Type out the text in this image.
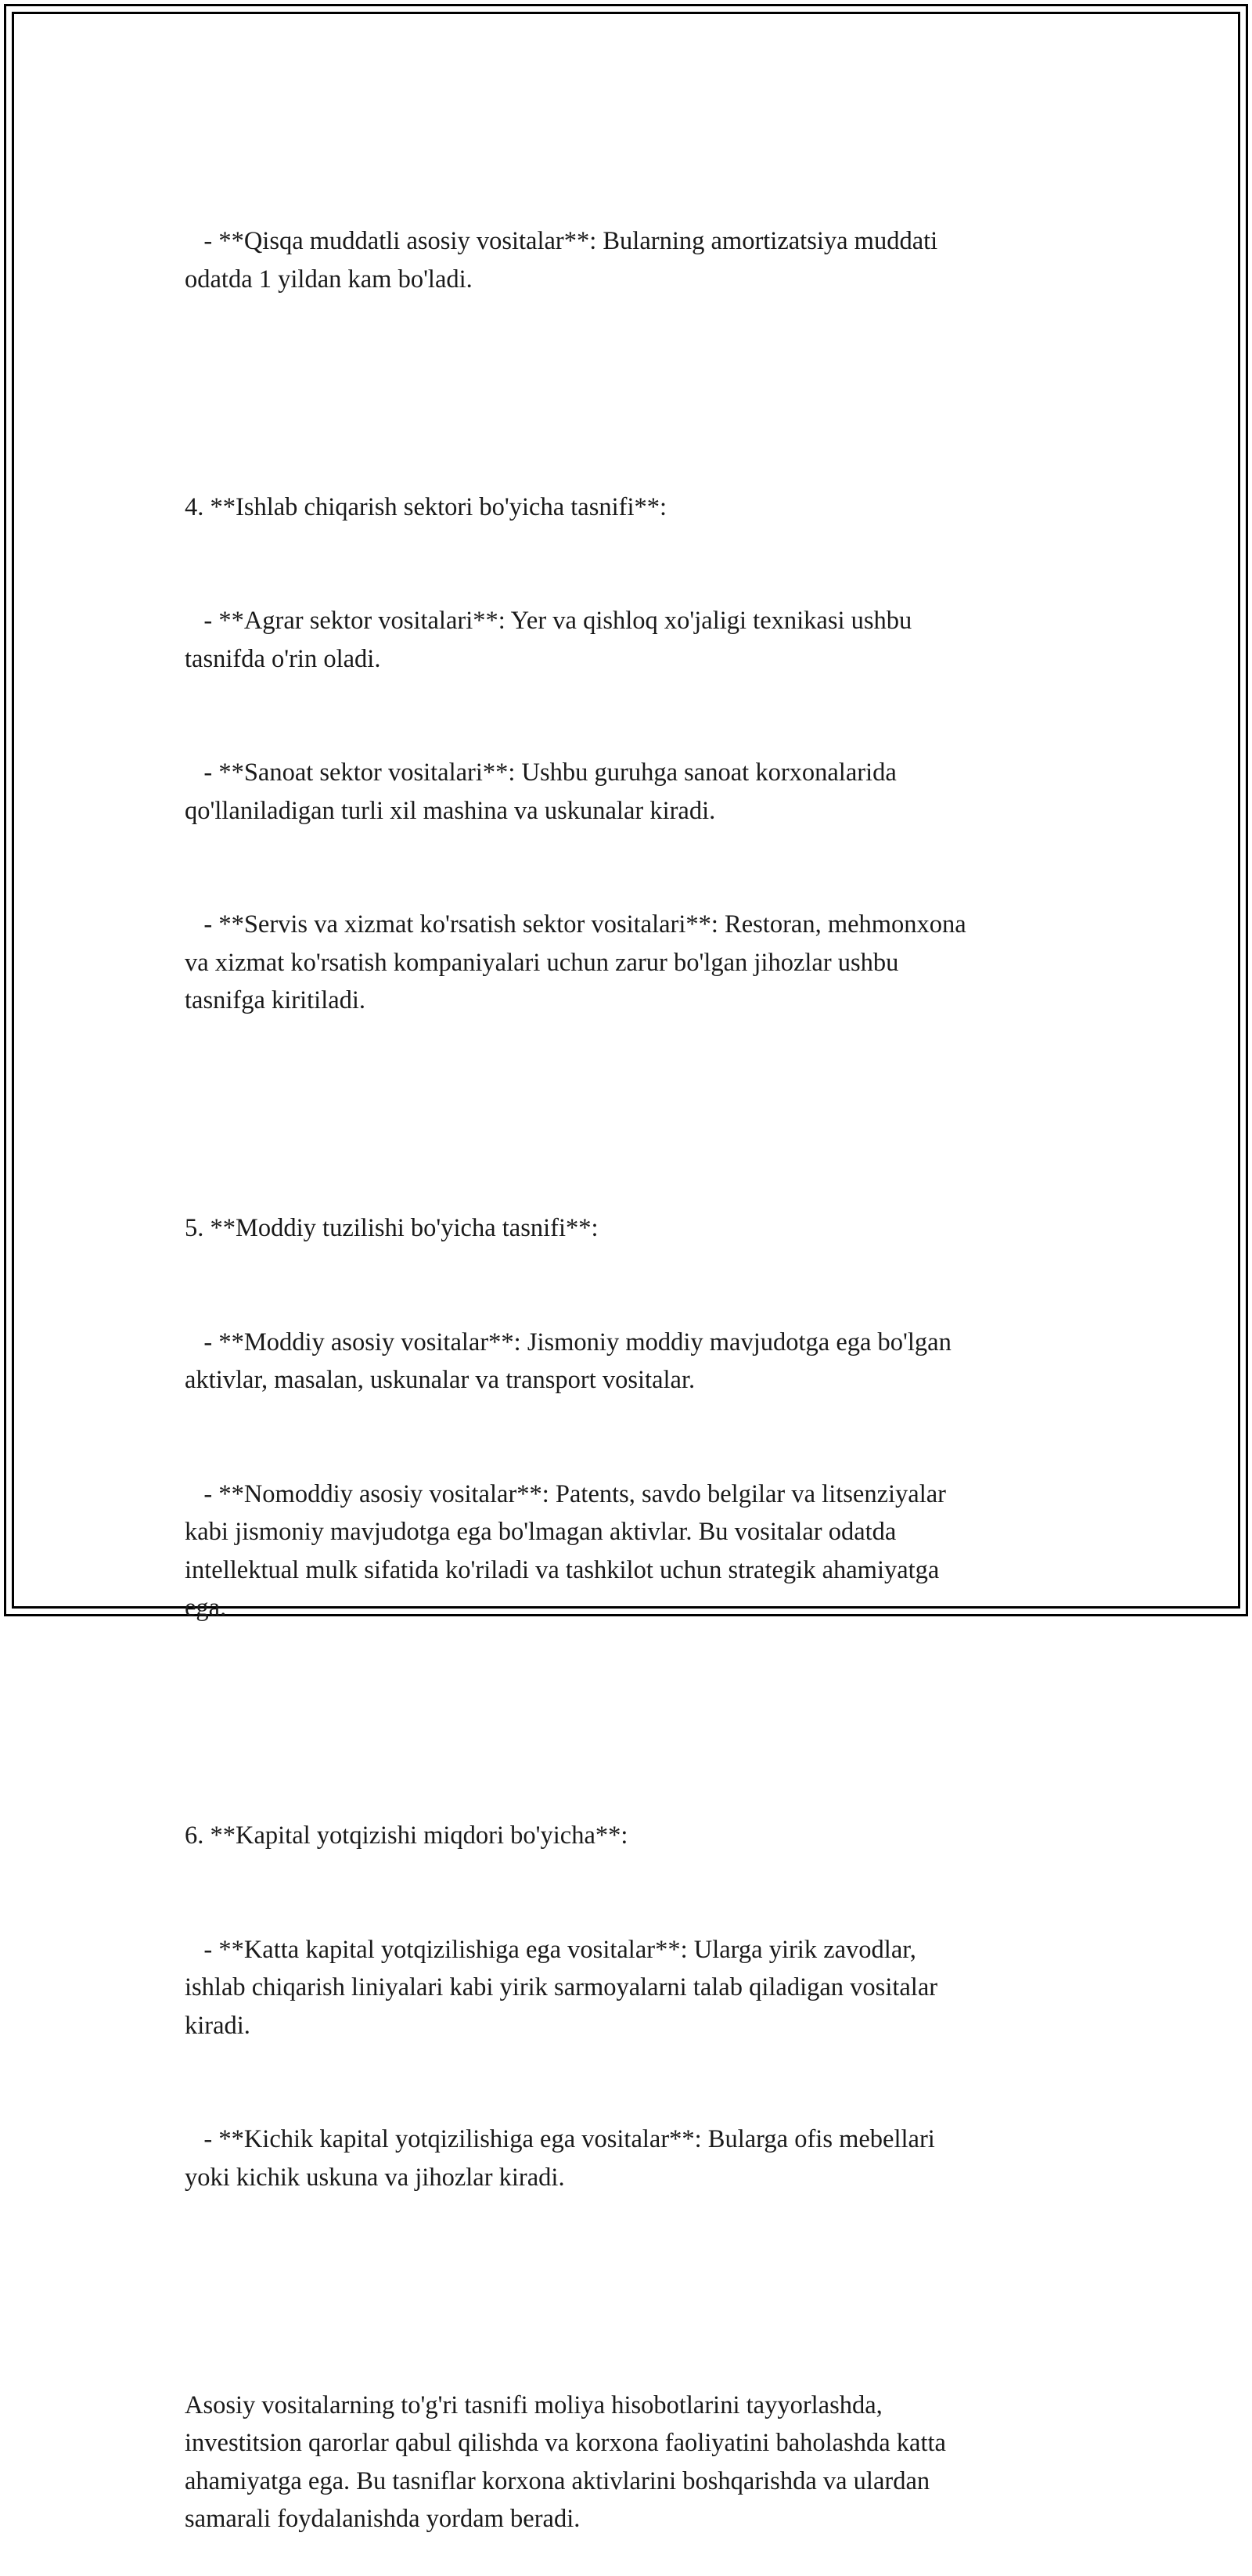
- **Qisqa muddatli asosiy vositalar**: Bularning amortizatsiya muddati
odatda 1 yildan kam bo'ladi.

4. **Ishlab chiqarish sektori bo'yicha tasnifi**:

- **Agrar sektor vositalari**: Yer va qishloq xo'jaligi texnikasi ushbu
tasnifda o'rin oladi.

- **Sanoat sektor vositalari**: Ushbu guruhga sanoat korxonalarida
qo'llaniladigan turli xil mashina va uskunalar kiradi.

- **Servis va xizmat ko'rsatish sektor vositalari**: Restoran, mehmonxona
va xizmat ko'rsatish kompaniyalari uchun zarur bo'lgan jihozlar ushbu
tasnifga kiritiladi.

5. **Moddiy tuzilishi bo'yicha tasnifi**:

- **Moddiy asosiy vositalar**: Jismoniy moddiy mavjudotga ega bo'lgan
aktivlar, masalan, uskunalar va transport vositalar.

- **Nomoddiy asosiy vositalar**: Patents, savdo belgilar va litsenziyalar
kabi jismoniy mavjudotga ega bo'lmagan aktivlar. Bu vositalar odatda
intellektual mulk sifatida ko'riladi va tashkilot uchun strategik ahamiyatga
ega.

6. **Kapital yotqizishi miqdori bo'yicha**:

- **Katta kapital yotqizilishiga ega vositalar**: Ularga yirik zavodlar,
ishlab chiqarish liniyalari kabi yirik sarmoyalarni talab qiladigan vositalar
kiradi.

- **Kichik kapital yotqizilishiga ega vositalar**: Bularga ofis mebellari
yoki kichik uskuna va jihozlar kiradi.

Asosiy vositalarning to'g'ri tasnifi moliya hisobotlarini tayyorlashda,
investitsion qarorlar qabul qilishda va korxona faoliyatini baholashda katta
ahamiyatga ega. Bu tasniflar korxona aktivlarini boshqarishda va ulardan
samarali foydalanishda yordam beradi.
